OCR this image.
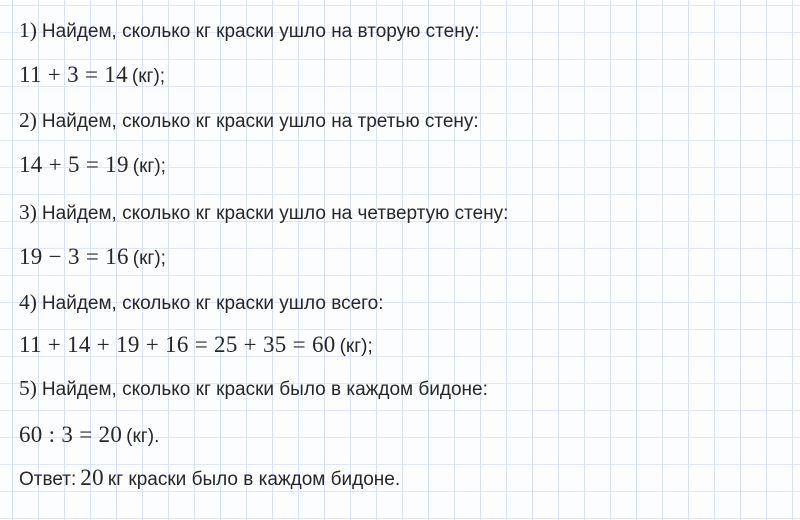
1) Найдем, сколько кг краски ушло на вторую стену:
11 + 3 = 14 (кг);
2) Найдем, сколько кг краски ушло на третью стену:
14 + 5 = 19 (кг);
3) Найдем, сколько кг краски ушло на четвертую стену:
19 − 3 = 16 (кг);
4) Найдем, сколько кг краски ушло всего:
11 + 14 + 19 + 16 = 25 + 35 = 60 (кг);
5) Найдем, сколько кг краски было в каждом бидоне:
60 : 3 = 20 (кг).
Ответ: 20 кг краски было в каждом бидоне.
